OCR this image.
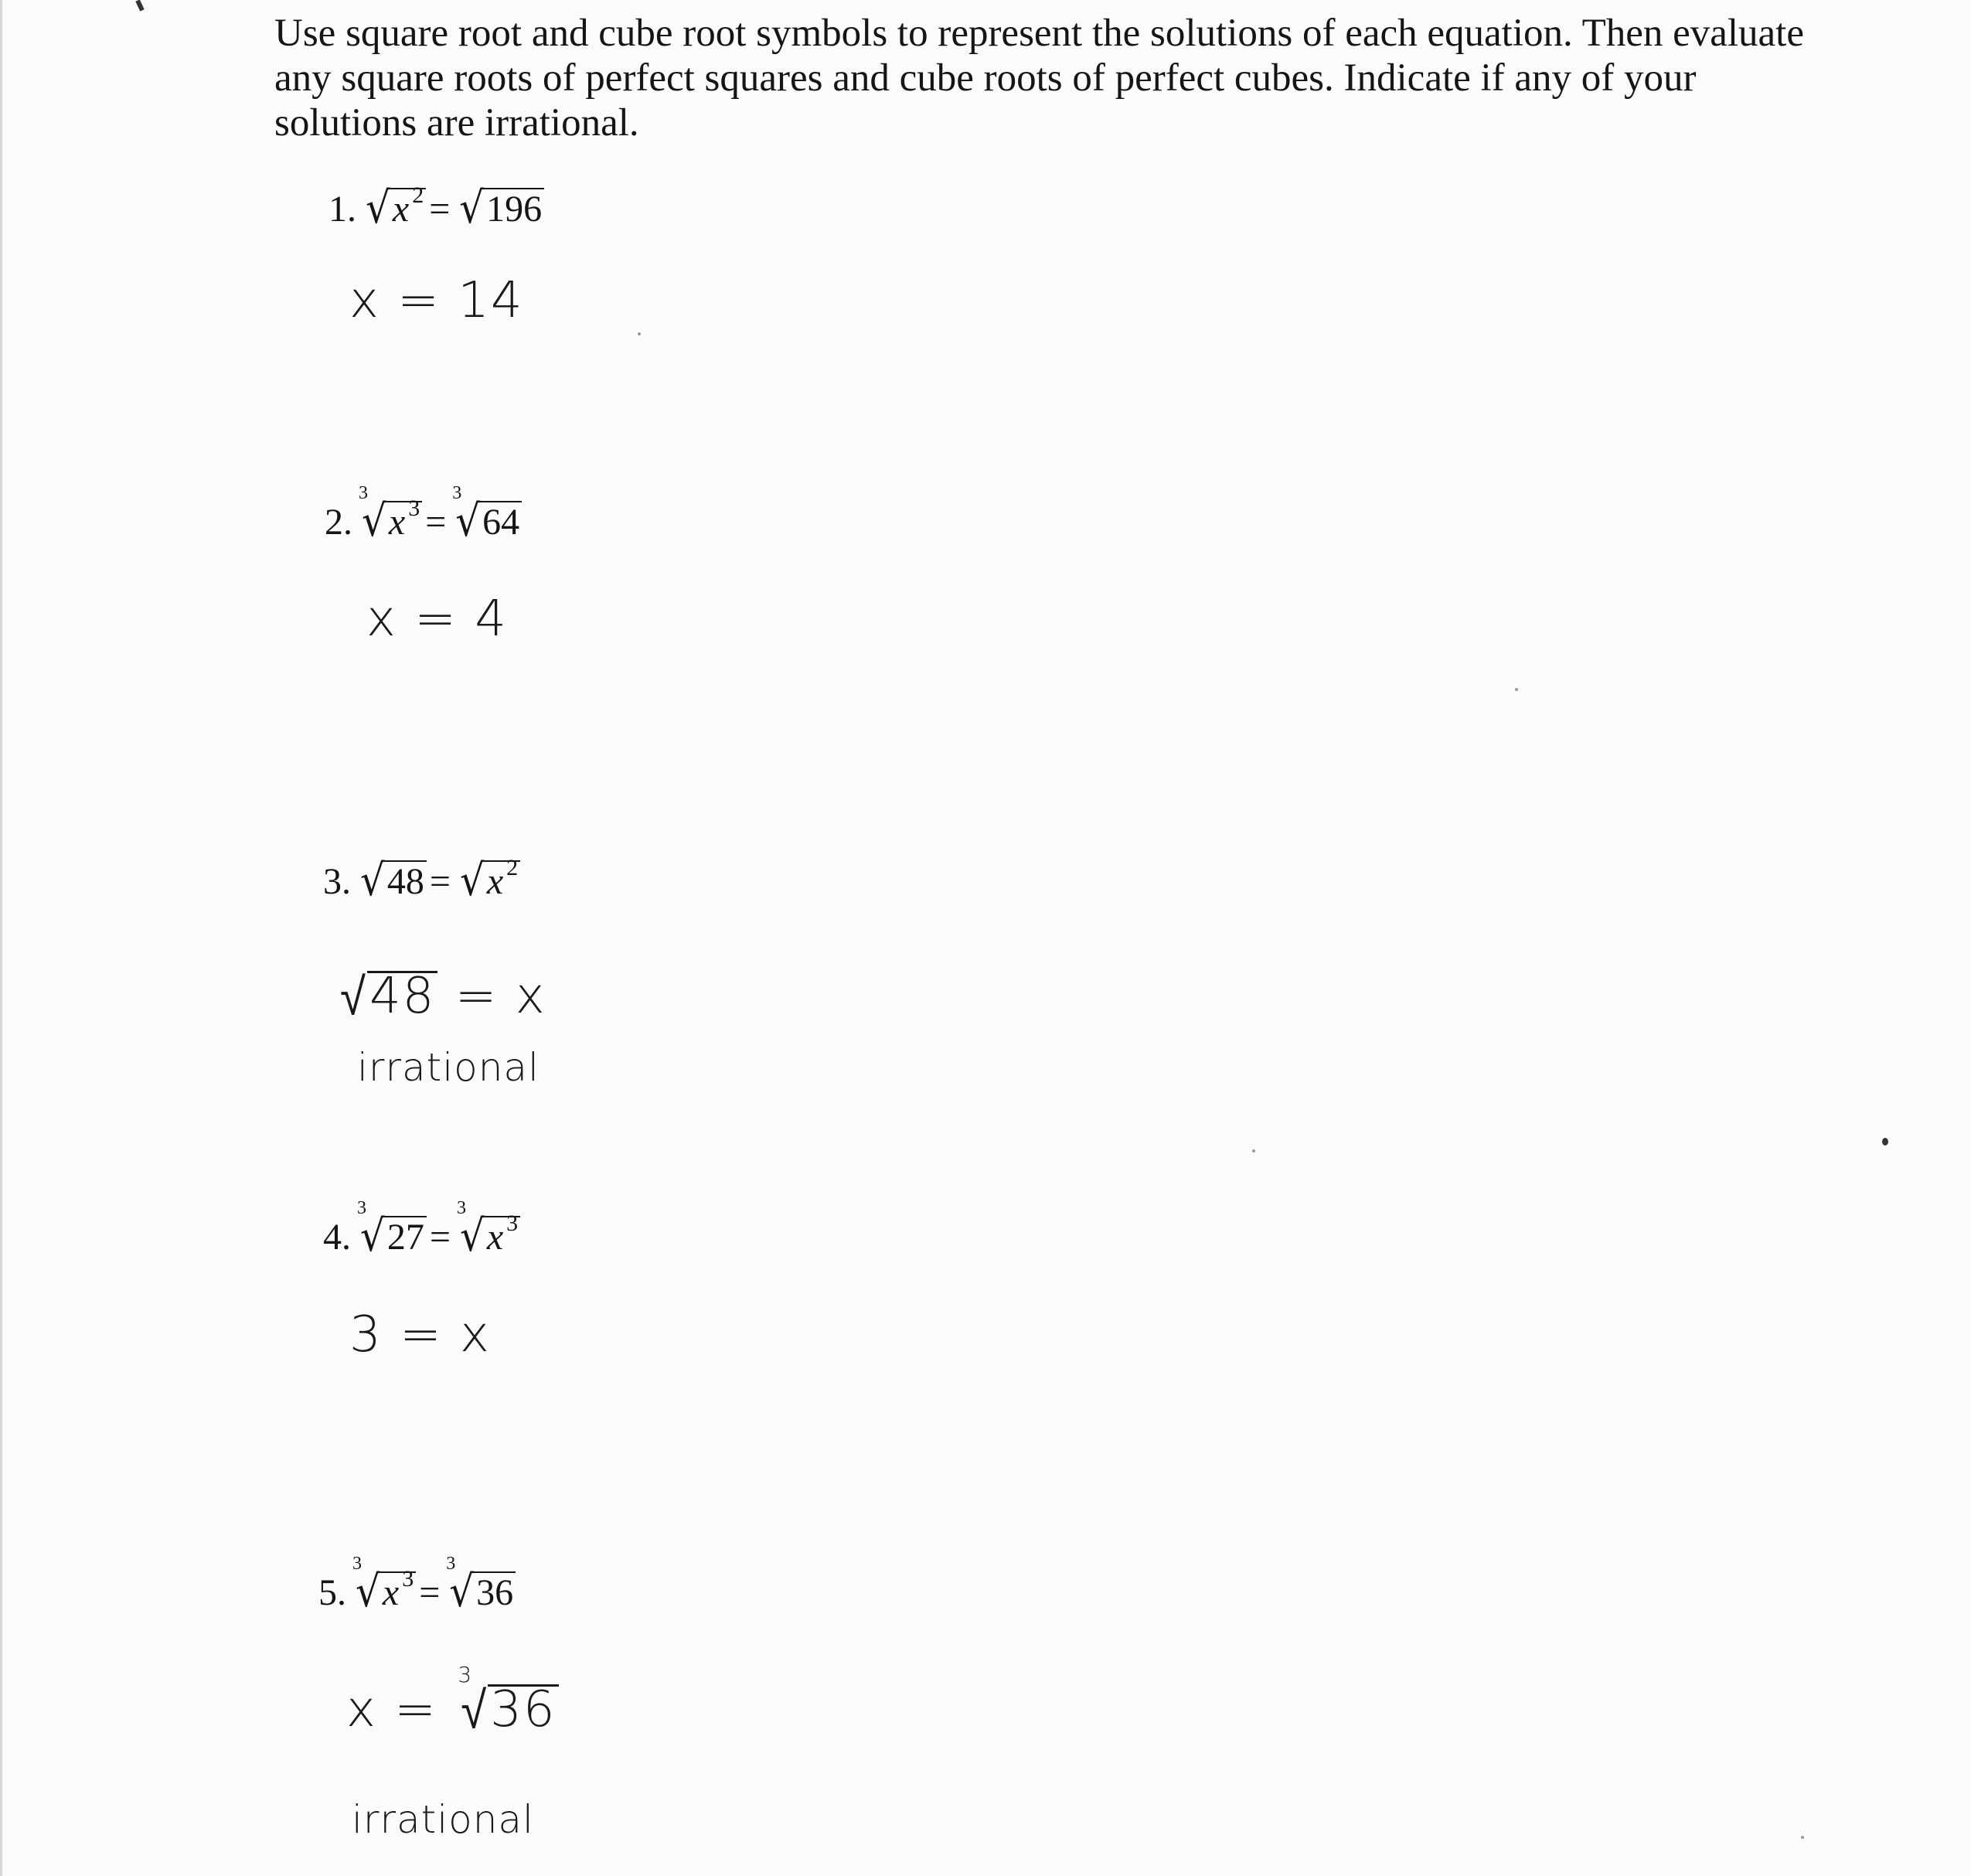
Use square root and cube root symbols to represent the solutions of each equation. Then evaluate any square roots of perfect squares and cube roots of perfect cubes. Indicate if any of your solutions are irrational.

1. √ x $^2$ = √ 196
x =
14
2.
3
√ x $^3$ =
3
√ 64
x =
4
3. √ 48 = √ x $^2$
√ 48
= x
irrational
4.
3
√ 27 =
3
√ x $^3$
3 = x
5.
3
√ x $^3$ =
3
√ 36
x =

3
√ 36
irrational
